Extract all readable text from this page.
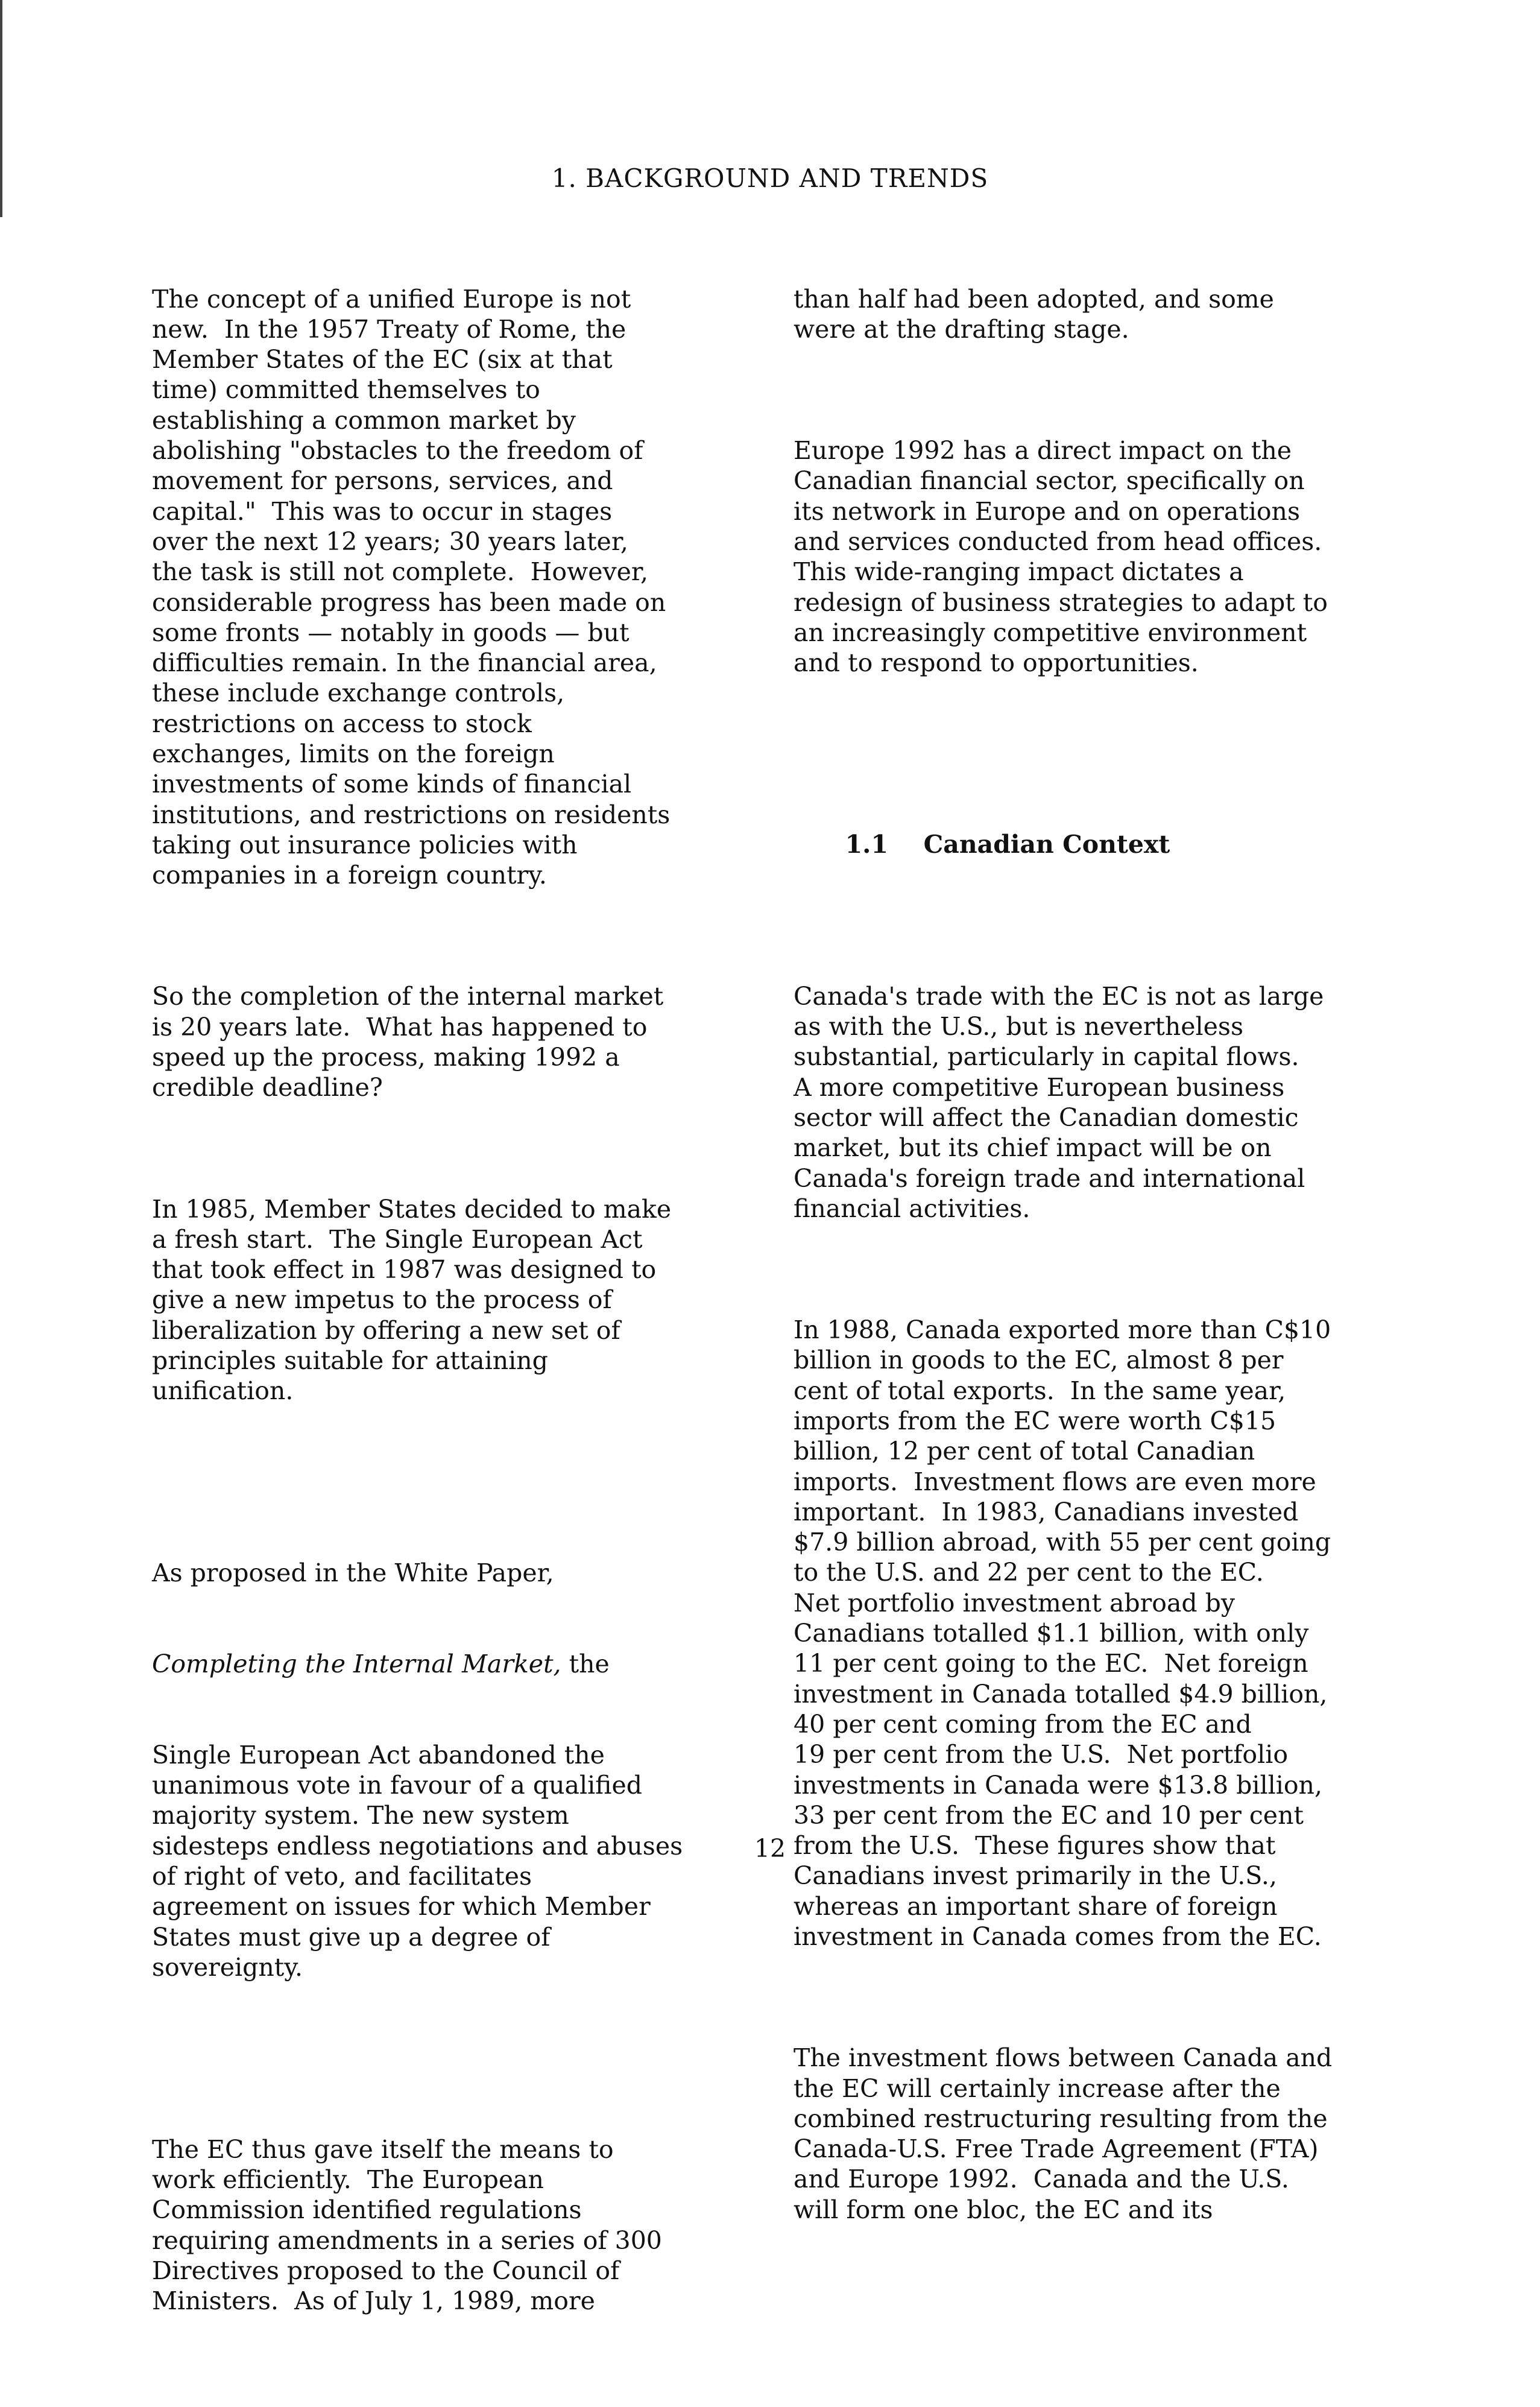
1. BACKGROUND AND TRENDS

The concept of a unified Europe is not
new.  In the 1957 Treaty of Rome, the
Member States of the EC (six at that
time) committed themselves to
establishing a common market by
abolishing "obstacles to the freedom of
movement for persons, services, and
capital."  This was to occur in stages
over the next 12 years; 30 years later,
the task is still not complete.  However,
considerable progress has been made on
some fronts — notably in goods — but
difficulties remain. In the financial area,
these include exchange controls,
restrictions on access to stock
exchanges, limits on the foreign
investments of some kinds of financial
institutions, and restrictions on residents
taking out insurance policies with
companies in a foreign country.

So the completion of the internal market
is 20 years late.  What has happened to
speed up the process, making 1992 a
credible deadline?

In 1985, Member States decided to make
a fresh start.  The Single European Act
that took effect in 1987 was designed to
give a new impetus to the process of
liberalization by offering a new set of
principles suitable for attaining
unification.

As proposed in the White Paper,

Completing the Internal Market, the

Single European Act abandoned the
unanimous vote in favour of a qualified
majority system. The new system
sidesteps endless negotiations and abuses
of right of veto, and facilitates
agreement on issues for which Member
States must give up a degree of
sovereignty.

The EC thus gave itself the means to
work efficiently.  The European
Commission identified regulations
requiring amendments in a series of 300
Directives proposed to the Council of
Ministers.  As of July 1, 1989, more

than half had been adopted, and some
were at the drafting stage.

Europe 1992 has a direct impact on the
Canadian financial sector, specifically on
its network in Europe and on operations
and services conducted from head offices.
This wide-ranging impact dictates a
redesign of business strategies to adapt to
an increasingly competitive environment
and to respond to opportunities.

1.1 Canadian Context

Canada's trade with the EC is not as large
as with the U.S., but is nevertheless
substantial, particularly in capital flows.
A more competitive European business
sector will affect the Canadian domestic
market, but its chief impact will be on
Canada's foreign trade and international
financial activities.

In 1988, Canada exported more than C$10
billion in goods to the EC, almost 8 per
cent of total exports.  In the same year,
imports from the EC were worth C$15
billion, 12 per cent of total Canadian
imports.  Investment flows are even more
important.  In 1983, Canadians invested
$7.9 billion abroad, with 55 per cent going
to the U.S. and 22 per cent to the EC.
Net portfolio investment abroad by
Canadians totalled $1.1 billion, with only
11 per cent going to the EC.  Net foreign
investment in Canada totalled $4.9 billion,
40 per cent coming from the EC and
19 per cent from the U.S.  Net portfolio
investments in Canada were $13.8 billion,
33 per cent from the EC and 10 per cent
from the U.S.  These figures show that
Canadians invest primarily in the U.S.,
whereas an important share of foreign
investment in Canada comes from the EC.

The investment flows between Canada and
the EC will certainly increase after the
combined restructuring resulting from the
Canada-U.S. Free Trade Agreement (FTA)
and Europe 1992.  Canada and the U.S.
will form one bloc, the EC and its

12
